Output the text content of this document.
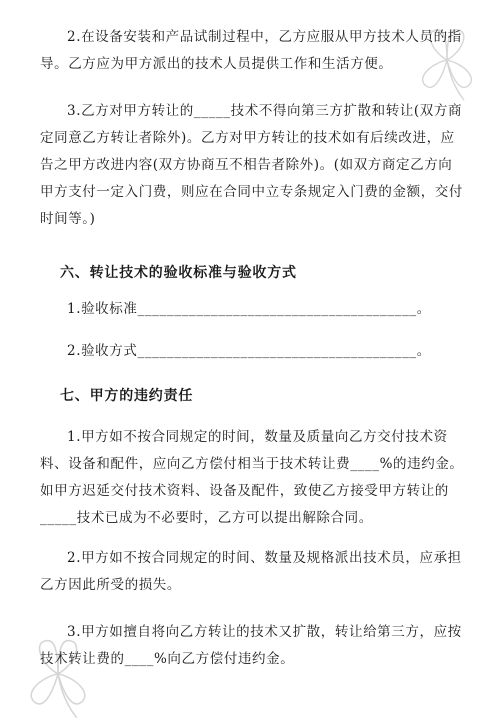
2.在设备安装和产品试制过程中，乙方应服从甲方技术人员的指导。乙方应为甲方派出的技术人员提供工作和生活方便。

3.乙方对甲方转让的_____技术不得向第三方扩散和转让(双方商定同意乙方转让者除外)。乙方对甲方转让的技术如有后续改进，应告之甲方改进内容(双方协商互不相告者除外)。(如双方商定乙方向甲方支付一定入门费，则应在合同中立专条规定入门费的金额，交付时间等。)

六、转让技术的验收标准与验收方式

1.验收标准______________________________________。

2.验收方式______________________________________。

七、甲方的违约责任

1.甲方如不按合同规定的时间，数量及质量向乙方交付技术资料、设备和配件，应向乙方偿付相当于技术转让费____%的违约金。如甲方迟延交付技术资料、设备及配件，致使乙方接受甲方转让的_____技术已成为不必要时，乙方可以提出解除合同。

2.甲方如不按合同规定的时间、数量及规格派出技术员，应承担乙方因此所受的损失。

3.甲方如擅自将向乙方转让的技术又扩散，转让给第三方，应按技术转让费的____%向乙方偿付违约金。
